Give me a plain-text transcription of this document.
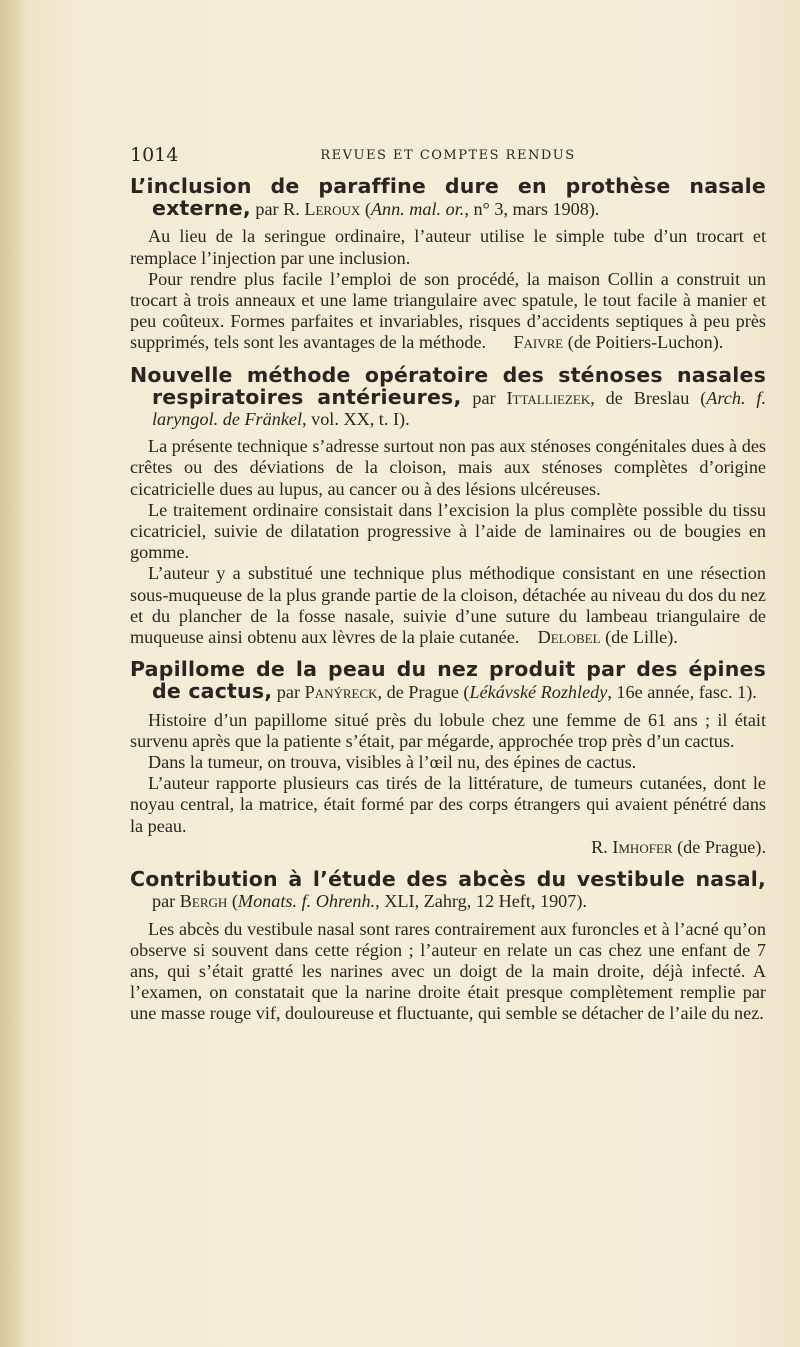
1014	REVUES ET COMPTES RENDUS

L’inclusion de paraffine dure en prothèse nasale externe, par R. Leroux (Ann. mal. or., n° 3, mars 1908).

Au lieu de la seringue ordinaire, l’auteur utilise le simple tube d’un trocart et remplace l’injection par une inclusion.

Pour rendre plus facile l’emploi de son procédé, la maison Collin a construit un trocart à trois anneaux et une lame triangulaire avec spatule, le tout facile à manier et peu coûteux. Formes parfaites et invariables, risques d’accidents septiques à peu près supprimés, tels sont les avantages de la méthode. Faivre (de Poitiers-Luchon).

Nouvelle méthode opératoire des sténoses nasales respiratoires antérieures, par Ittalliezek, de Breslau (Arch. f. laryngol. de Fränkel, vol. XX, t. I).

La présente technique s’adresse surtout non pas aux sténoses congénitales dues à des crêtes ou des déviations de la cloison, mais aux sténoses complètes d’origine cicatricielle dues au lupus, au cancer ou à des lésions ulcéreuses.

Le traitement ordinaire consistait dans l’excision la plus complète possible du tissu cicatriciel, suivie de dilatation progressive à l’aide de laminaires ou de bougies en gomme.

L’auteur y a substitué une technique plus méthodique consistant en une résection sous-muqueuse de la plus grande partie de la cloison, détachée au niveau du dos du nez et du plancher de la fosse nasale, suivie d’une suture du lambeau triangulaire de muqueuse ainsi obtenu aux lèvres de la plaie cutanée. Delobel (de Lille).

Papillome de la peau du nez produit par des épines de cactus, par Panýreck, de Prague (Lékávské Rozhledy, 16e année, fasc. 1).

Histoire d’un papillome situé près du lobule chez une femme de 61 ans ; il était survenu après que la patiente s’était, par mégarde, approchée trop près d’un cactus.

Dans la tumeur, on trouva, visibles à l’œil nu, des épines de cactus.

L’auteur rapporte plusieurs cas tirés de la littérature, de tumeurs cutanées, dont le noyau central, la matrice, était formé par des corps étrangers qui avaient pénétré dans la peau.

R. Imhofer (de Prague).

Contribution à l’étude des abcès du vestibule nasal, par Bergh (Monats. f. Ohrenh., XLI, Zahrg, 12 Heft, 1907).

Les abcès du vestibule nasal sont rares contrairement aux furoncles et à l’acné qu’on observe si souvent dans cette région ; l’auteur en relate un cas chez une enfant de 7 ans, qui s’était gratté les narines avec un doigt de la main droite, déjà infecté. A l’examen, on constatait que la narine droite était presque complètement remplie par une masse rouge vif, douloureuse et fluctuante, qui semble se détacher de l’aile du nez.
